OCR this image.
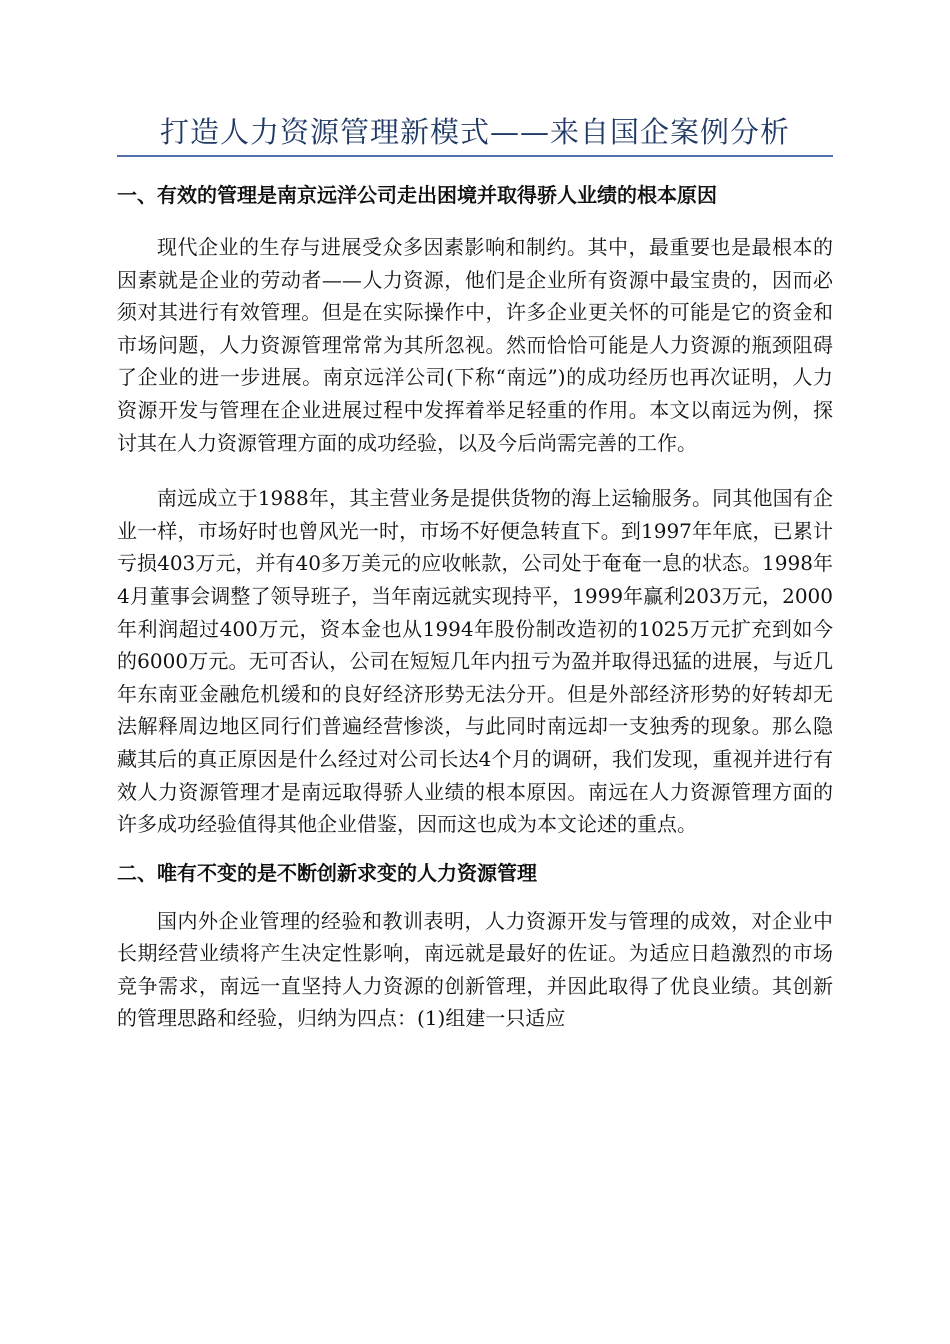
打造人力资源管理新模式——来自国企案例分析
一、有效的管理是南京远洋公司走出困境并取得骄人业绩的根本原因

现代企业的生存与进展受众多因素影响和制约。其中，最重要也是最根本的因素就是企业的劳动者——人力资源，他们是企业所有资源中最宝贵的，因而必须对其进行有效管理。但是在实际操作中，许多企业更关怀的可能是它的资金和市场问题，人力资源管理常常为其所忽视。然而恰恰可能是人力资源的瓶颈阻碍了企业的进一步进展。南京远洋公司(下称“南远”)的成功经历也再次证明，人力资源开发与管理在企业进展过程中发挥着举足轻重的作用。本文以南远为例，探讨其在人力资源管理方面的成功经验，以及今后尚需完善的工作。

南远成立于1988年，其主营业务是提供货物的海上运输服务。同其他国有企业一样，市场好时也曾风光一时，市场不好便急转直下。到1997年年底，已累计亏损403万元，并有40多万美元的应收帐款，公司处于奄奄一息的状态。1998年4月董事会调整了领导班子，当年南远就实现持平，1999年赢利203万元，2000年利润超过400万元，资本金也从1994年股份制改造初的1025万元扩充到如今的6000万元。无可否认，公司在短短几年内扭亏为盈并取得迅猛的进展，与近几年东南亚金融危机缓和的良好经济形势无法分开。但是外部经济形势的好转却无法解释周边地区同行们普遍经营惨淡，与此同时南远却一支独秀的现象。那么隐藏其后的真正原因是什么经过对公司长达4个月的调研，我们发现，重视并进行有效人力资源管理才是南远取得骄人业绩的根本原因。南远在人力资源管理方面的许多成功经验值得其他企业借鉴，因而这也成为本文论述的重点。

二、唯有不变的是不断创新求变的人力资源管理

国内外企业管理的经验和教训表明，人力资源开发与管理的成效，对企业中长期经营业绩将产生决定性影响，南远就是最好的佐证。为适应日趋激烈的市场竞争需求，南远一直坚持人力资源的创新管理，并因此取得了优良业绩。其创新的管理思路和经验，归纳为四点：(1)组建一只适应
